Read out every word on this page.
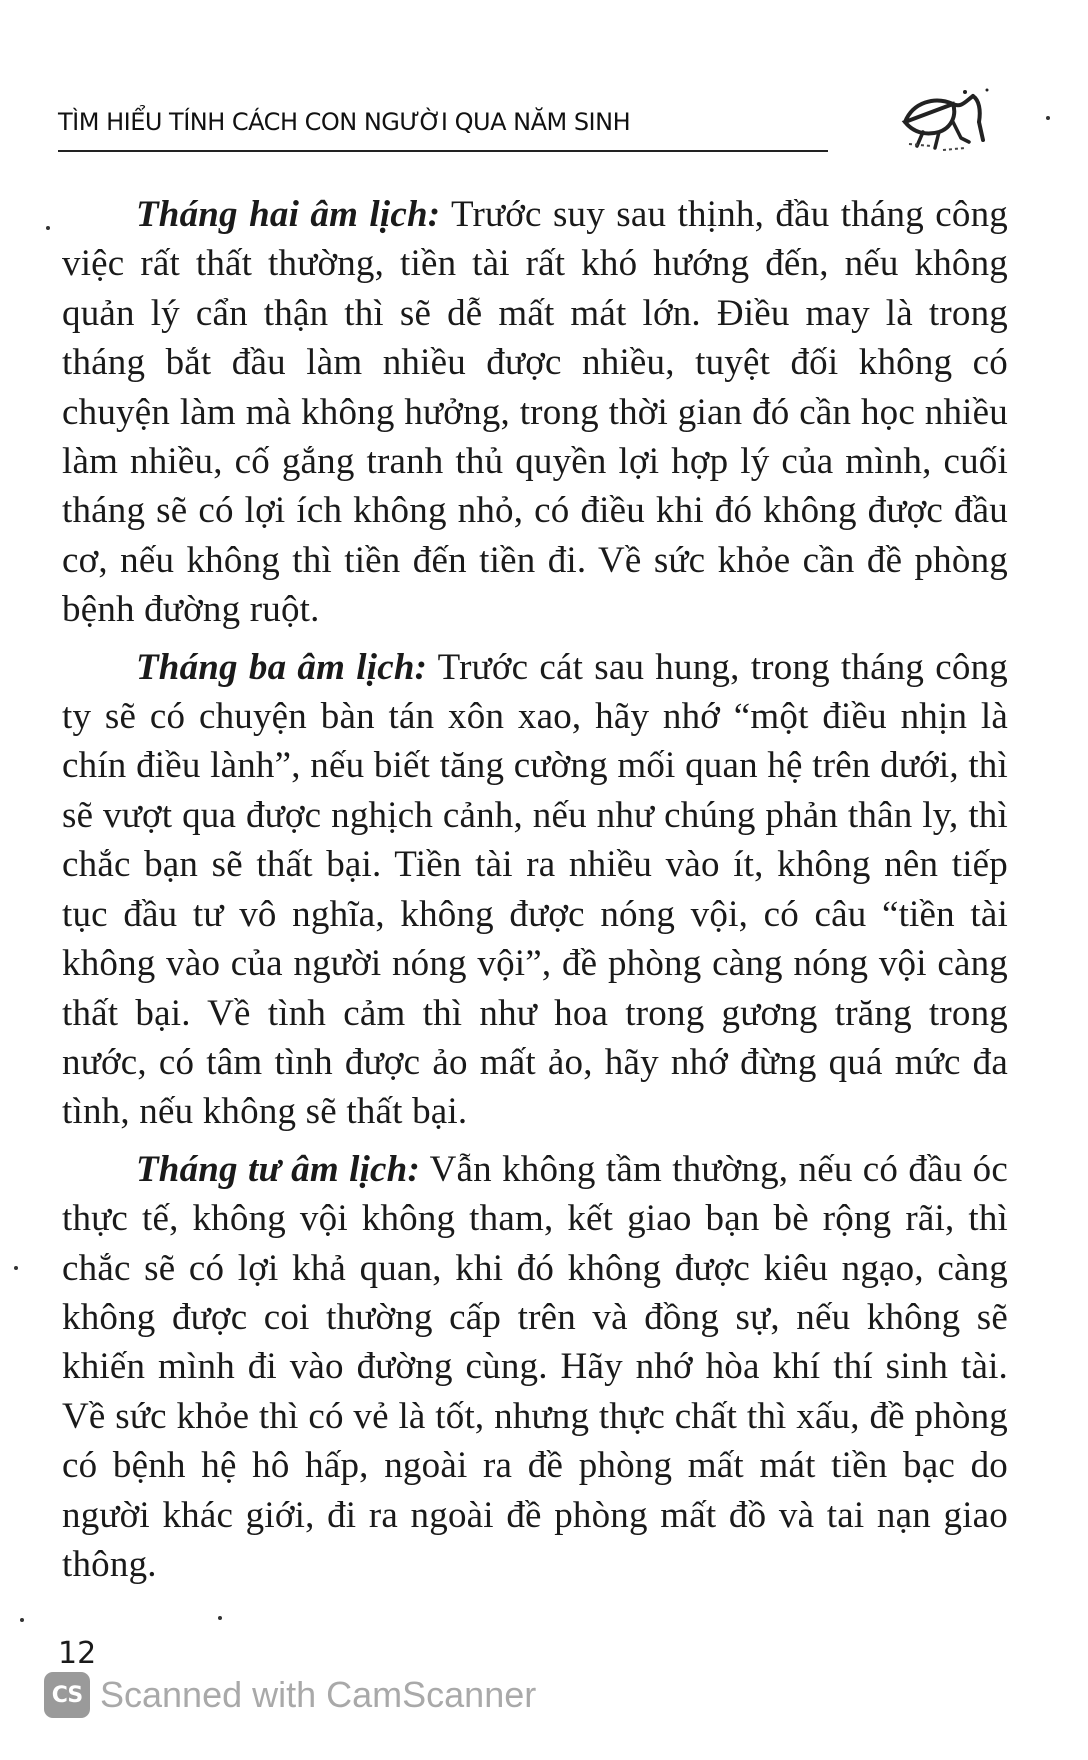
TÌM HIỂU TÍNH CÁCH CON NGƯỜI QUA NĂM SINH

Tháng hai âm lịch: Trước suy sau thịnh, đầu tháng công việc rất thất thường, tiền tài rất khó hướng đến, nếu không quản lý cẩn thận thì sẽ dễ mất mát lớn. Điều may là trong tháng bắt đầu làm nhiều được nhiều, tuyệt đối không có chuyện làm mà không hưởng, trong thời gian đó cần học nhiều làm nhiều, cố gắng tranh thủ quyền lợi hợp lý của mình, cuối tháng sẽ có lợi ích không nhỏ, có điều khi đó không được đầu cơ, nếu không thì tiền đến tiền đi. Về sức khỏe cần đề phòng bệnh đường ruột.

Tháng ba âm lịch: Trước cát sau hung, trong tháng công ty sẽ có chuyện bàn tán xôn xao, hãy nhớ “một điều nhịn là chín điều lành”, nếu biết tăng cường mối quan hệ trên dưới, thì sẽ vượt qua được nghịch cảnh, nếu như chúng phản thân ly, thì chắc bạn sẽ thất bại. Tiền tài ra nhiều vào ít, không nên tiếp tục đầu tư vô nghĩa, không được nóng vội, có câu “tiền tài không vào của người nóng vội”, đề phòng càng nóng vội càng thất bại. Về tình cảm thì như hoa trong gương trăng trong nước, có tâm tình được ảo mất ảo, hãy nhớ đừng quá mức đa tình, nếu không sẽ thất bại.

Tháng tư âm lịch: Vẫn không tầm thường, nếu có đầu óc thực tế, không vội không tham, kết giao bạn bè rộng rãi, thì chắc sẽ có lợi khả quan, khi đó không được kiêu ngạo, càng không được coi thường cấp trên và đồng sự, nếu không sẽ khiến mình đi vào đường cùng. Hãy nhớ hòa khí thí sinh tài. Về sức khỏe thì có vẻ là tốt, nhưng thực chất thì xấu, đề phòng có bệnh hệ hô hấp, ngoài ra đề phòng mất mát tiền bạc do người khác giới, đi ra ngoài đề phòng mất đồ và tai nạn giao thông.

12
CS Scanned with CamScanner
